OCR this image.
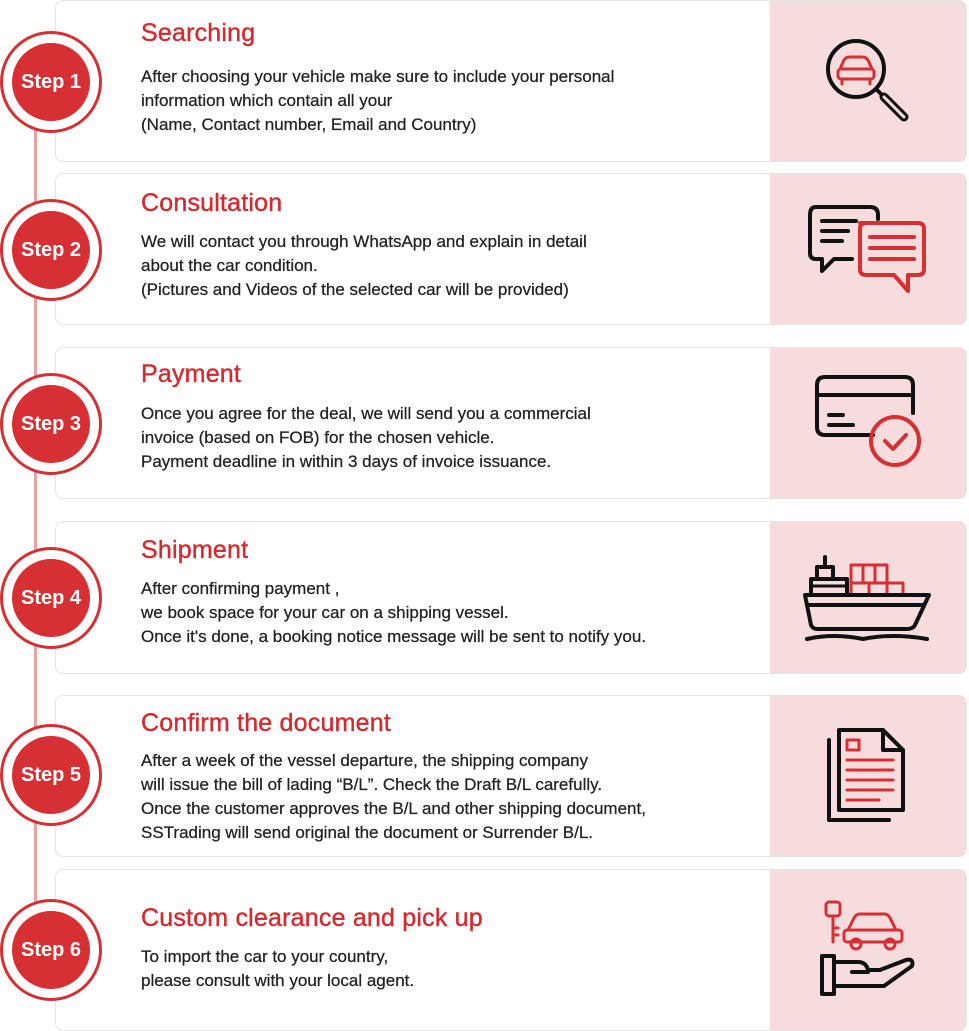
Searching
After choosing your vehicle make sure to include your personal
information which contain all your
(Name, Contact number, Email and Country)
Step 1
Consultation
We will contact you through WhatsApp and explain in detail
about the car condition.
(Pictures and Videos of the selected car will be provided)
Step 2
Payment
Once you agree for the deal, we will send you a commercial
invoice (based on FOB) for the chosen vehicle.
Payment deadline in within 3 days of invoice issuance.
Step 3
Shipment
After confirming payment ,
we book space for your car on a shipping vessel.
Once it's done, a booking notice message will be sent to notify you.
Step 4
Confirm the document
After a week of the vessel departure, the shipping company
will issue the bill of lading “B/L”. Check the Draft B/L carefully.
Once the customer approves the B/L and other shipping document,
SSTrading will send original the document or Surrender B/L.
Step 5
Custom clearance and pick up
To import the car to your country,
please consult with your local agent.
Step 6
